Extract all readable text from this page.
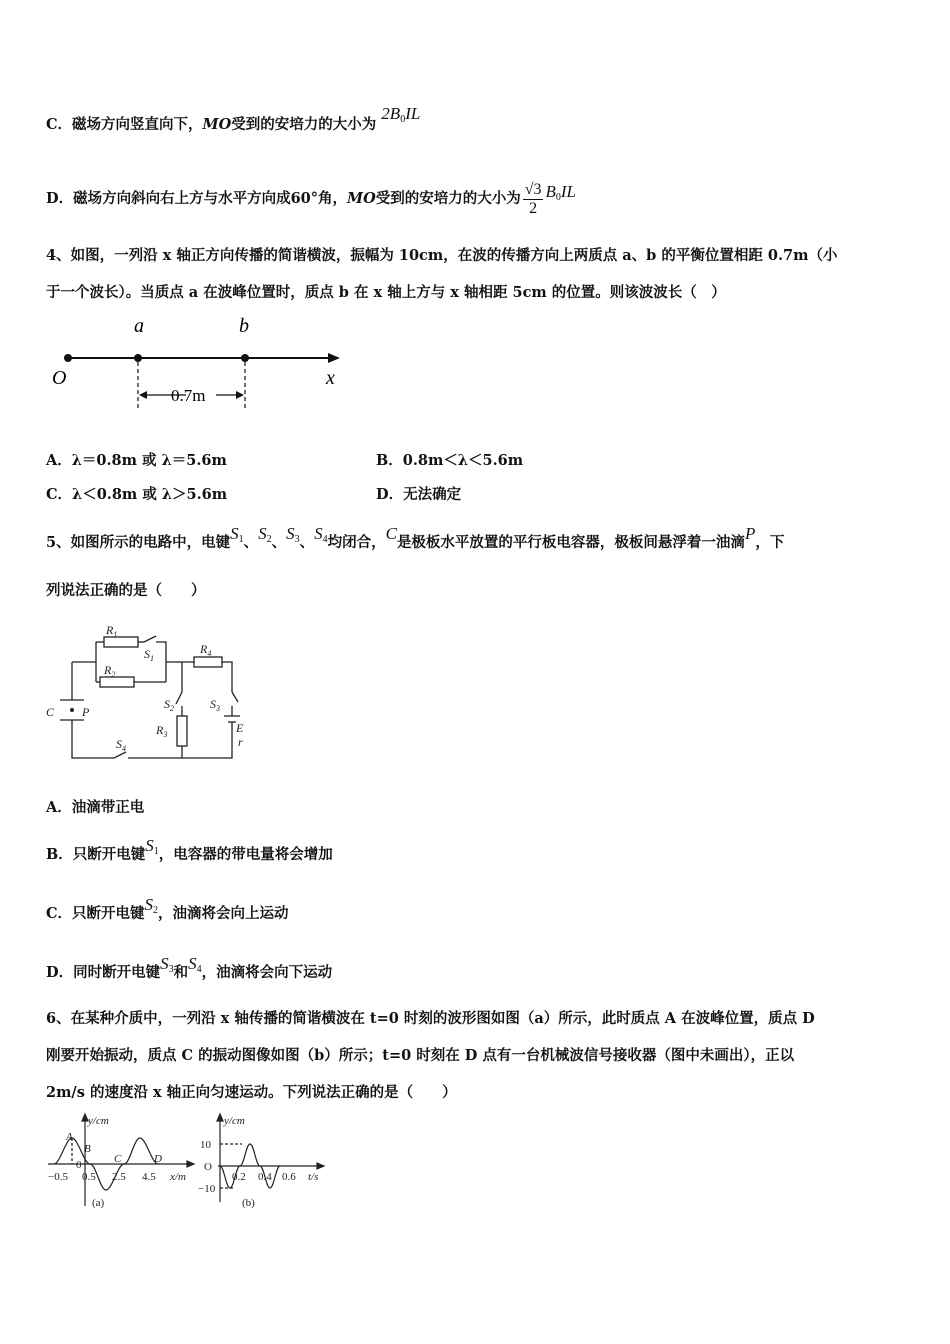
C．磁场方向竖直向下，MO受到的安培力的大小为 $2B_0IL$
D．磁场方向斜向右上方与水平方向成60°角，MO受到的安培力的大小为 $\frac{√3}{2} B_0IL$
4、如图，一列沿 x 轴正方向传播的简谐横波，振幅为 10cm，在波的传播方向上两质点 a、b 的平衡位置相距 0.7m（小
于一个波长）。当质点 a 在波峰位置时，质点 b 在 x 轴上方与 x 轴相距 5cm 的位置。则该波波长（　）
a	b
O	x
0.7m
A．λ＝0.8m 或 λ＝5.6m	B．0.8m＜λ＜5.6m
C．λ＜0.8m 或 λ＞5.6m	D．无法确定
5、如图所示的电路中，电键$S_1$、$S_2$、$S_3$、$S_4$均闭合，C是极板水平放置的平行板电容器，极板间悬浮着一油滴P，下
列说法正确的是（　　）
$R_1$
$R_2$
$S_1$
$R_4$
$S_2$
$R_3$
$S_3$
E
r
$S_4$
C P
A．油滴带正电
B．只断开电键$S_1$，电容器的带电量将会增加
C．只断开电键$S_2$，油滴将会向上运动
D．同时断开电键$S_3$和$S_4$，油滴将会向下运动
6、在某种介质中，一列沿 x 轴传播的简谐横波在 t=0 时刻的波形图如图（a）所示，此时质点 A 在波峰位置，质点 D
刚要开始振动，质点 C 的振动图像如图（b）所示；t=0 时刻在 D 点有一台机械波信号接收器（图中未画出），正以
2m/s 的速度沿 x 轴正向匀速运动。下列说法正确的是（　　）
y/cm
x/m
A
B
C	D
−0.5
0
0.5 2.5 4.5
(a)
y/cm
t/s
10
O
−10
0.2 0.4 0.6
(b)
